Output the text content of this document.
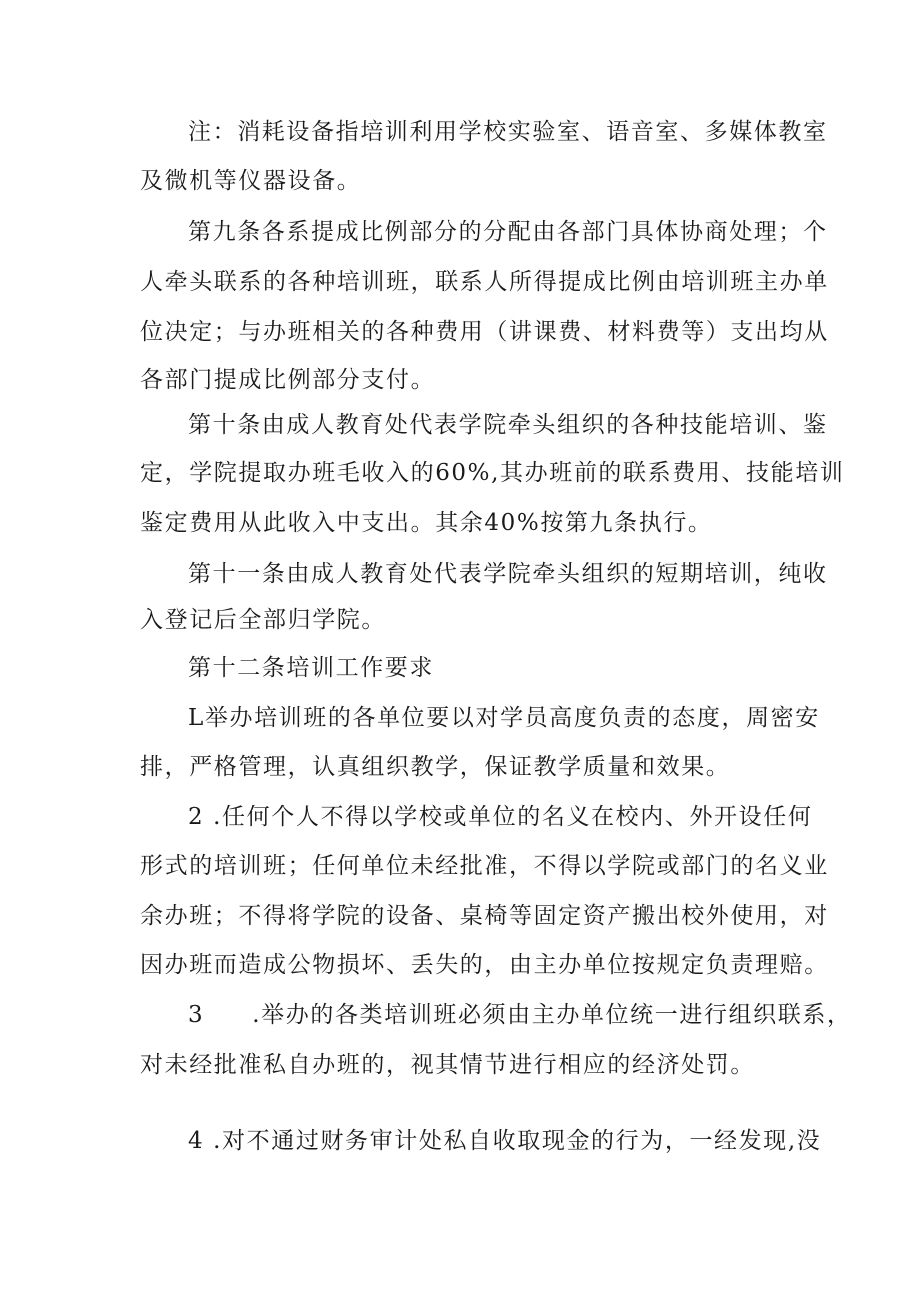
注：消耗设备指培训利用学校实验室、语音室、多媒体教室
及微机等仪器设备。
第九条各系提成比例部分的分配由各部门具体协商处理；个
人牵头联系的各种培训班，联系人所得提成比例由培训班主办单
位决定；与办班相关的各种费用（讲课费、材料费等）支出均从
各部门提成比例部分支付。
第十条由成人教育处代表学院牵头组织的各种技能培训、鉴
定，学院提取办班毛收入的60%,其办班前的联系费用、技能培训
鉴定费用从此收入中支出。其余40%按第九条执行。
第十一条由成人教育处代表学院牵头组织的短期培训，纯收
入登记后全部归学院。
第十二条培训工作要求
L举办培训班的各单位要以对学员高度负责的态度，周密安
排，严格管理，认真组织教学，保证教学质量和效果。
2 .任何个人不得以学校或单位的名义在校内、外开设任何
形式的培训班；任何单位未经批准，不得以学院或部门的名义业
余办班；不得将学院的设备、桌椅等固定资产搬出校外使用，对
因办班而造成公物损坏、丢失的，由主办单位按规定负责理赔。
3 .举办的各类培训班必须由主办单位统一进行组织联系，
对未经批准私自办班的，视其情节进行相应的经济处罚。
4 .对不通过财务审计处私自收取现金的行为，一经发现,没
